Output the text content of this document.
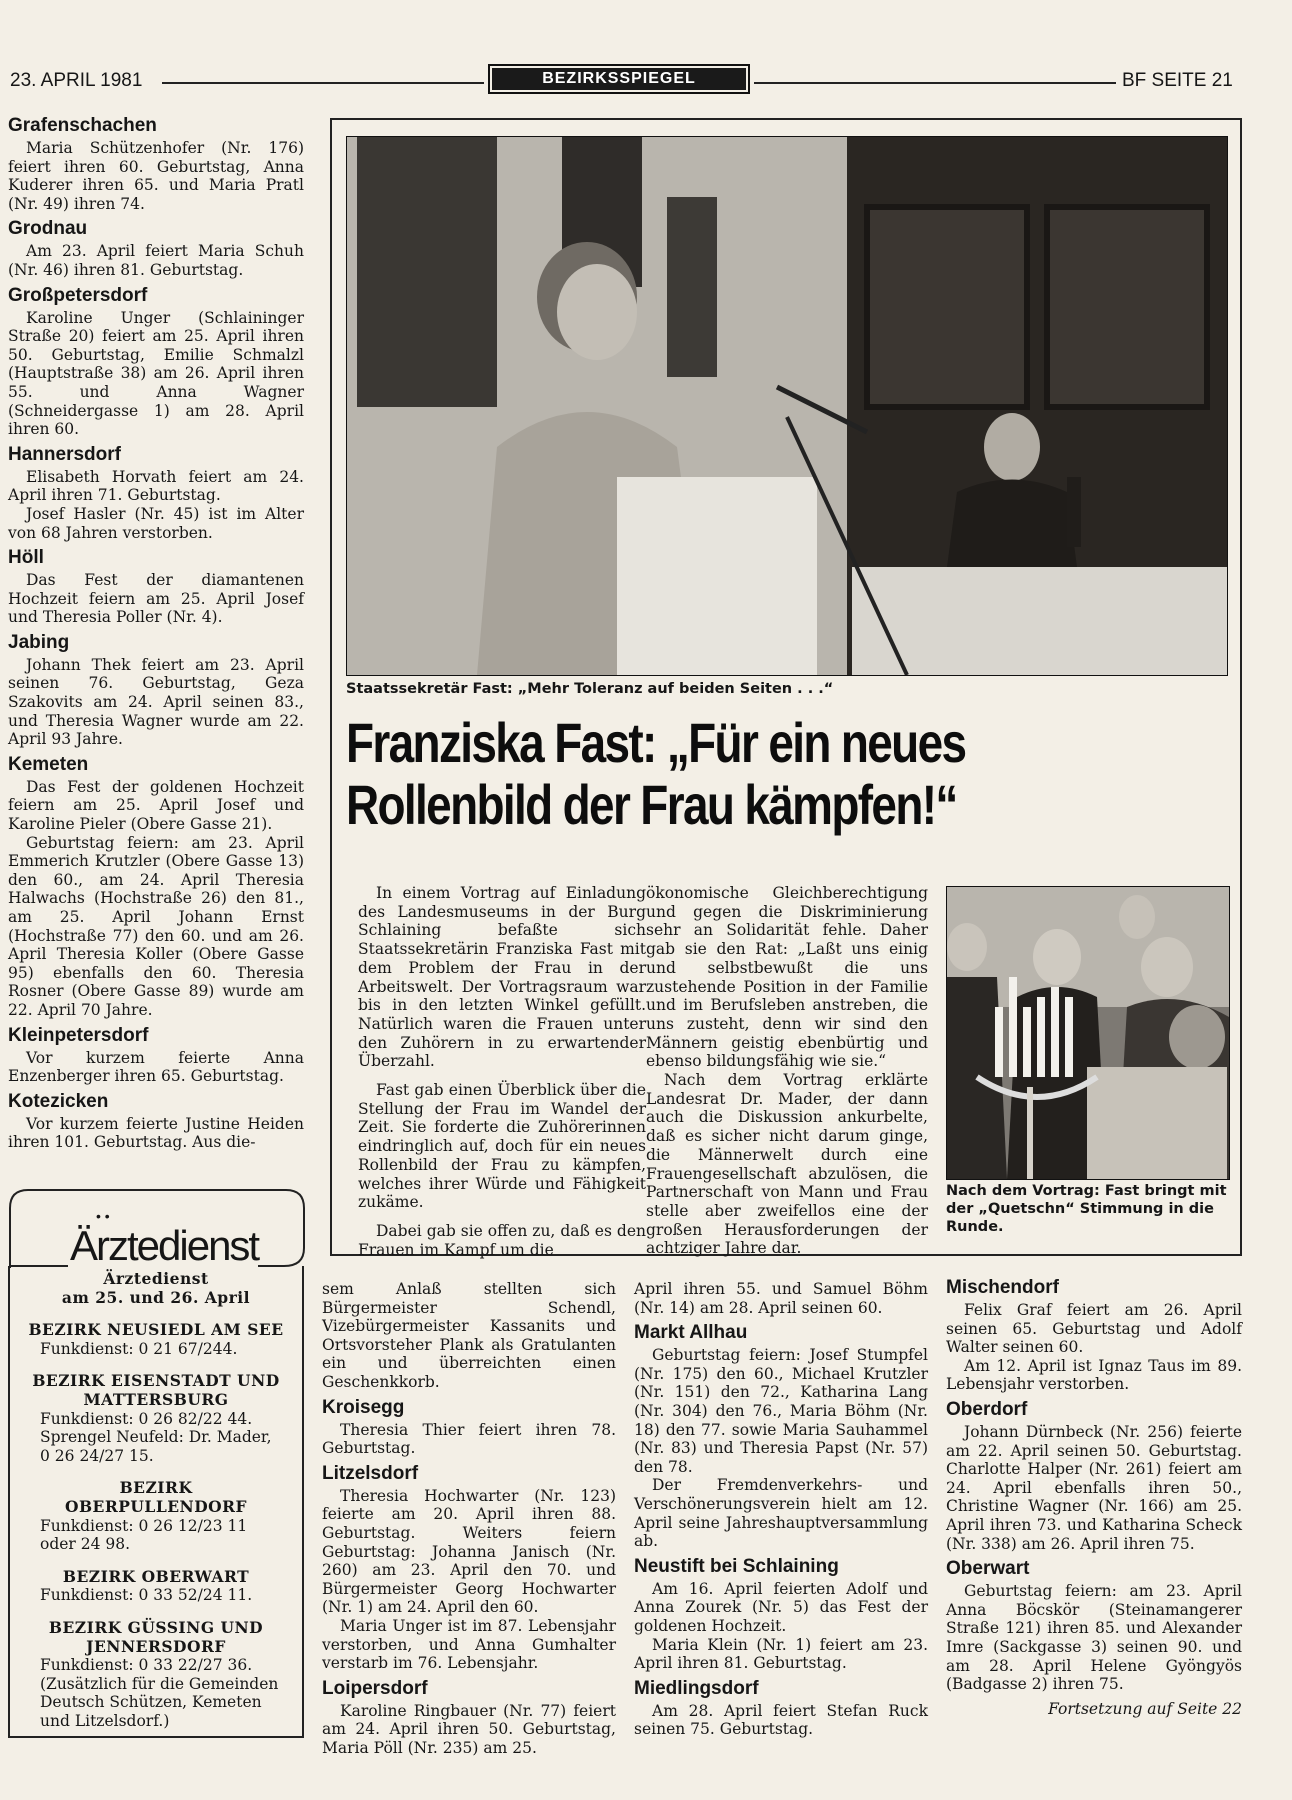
23. APRIL 1981	BEZIRKSSPIEGEL	BF SEITE 21
Grafenschachen

Maria Schützenhofer (Nr. 176) feiert ihren 60. Geburtstag, Anna Kuderer ihren 65. und Maria Pratl (Nr. 49) ihren 74.

Grodnau

Am 23. April feiert Maria Schuh (Nr. 46) ihren 81. Geburtstag.

Großpetersdorf

Karoline Unger (Schlaininger Straße 20) feiert am 25. April ihren 50. Geburtstag, Emilie Schmalzl (Hauptstraße 38) am 26. April ihren 55. und Anna Wagner (Schneidergasse 1) am 28. April ihren 60.

Hannersdorf

Elisabeth Horvath feiert am 24. April ihren 71. Geburtstag.

Josef Hasler (Nr. 45) ist im Alter von 68 Jahren verstorben.

Höll

Das Fest der diamantenen Hochzeit feiern am 25. April Josef und Theresia Poller (Nr. 4).

Jabing

Johann Thek feiert am 23. April seinen 76. Geburtstag, Geza Szakovits am 24. April seinen 83., und Theresia Wagner wurde am 22. April 93 Jahre.

Kemeten

Das Fest der goldenen Hochzeit feiern am 25. April Josef und Karoline Pieler (Obere Gasse 21).

Geburtstag feiern: am 23. April Emmerich Krutzler (Obere Gasse 13) den 60., am 24. April Theresia Halwachs (Hochstraße 26) den 81., am 25. April Johann Ernst (Hochstraße 77) den 60. und am 26. April Theresia Koller (Obere Gasse 95) ebenfalls den 60. Theresia Rosner (Obere Gasse 89) wurde am 22. April 70 Jahre.

Kleinpetersdorf

Vor kurzem feierte Anna Enzenberger ihren 65. Geburtstag.

Kotezicken

Vor kurzem feierte Justine Heiden ihren 101. Geburtstag. Aus die-

Staatssekretär Fast: „Mehr Toleranz auf beiden Seiten . . .“
Franziska Fast: „Für ein neues
Rollenbild der Frau kämpfen!“

In einem Vortrag auf Einladung des Landesmuseums in der Burg Schlaining befaßte sich Staatssekretärin Franziska Fast mit dem Problem der Frau in der Arbeitswelt. Der Vortragsraum war bis in den letzten Winkel gefüllt. Natürlich waren die Frauen unter den Zuhörern in zu erwartender Überzahl.

Fast gab einen Überblick über die Stellung der Frau im Wandel der Zeit. Sie forderte die Zuhörerinnen eindringlich auf, doch für ein neues Rollenbild der Frau zu kämpfen, welches ihrer Würde und Fähigkeit zukäme.

Dabei gab sie offen zu, daß es den Frauen im Kampf um die

ökonomische Gleichberechtigung und gegen die Diskriminierung sehr an Solidarität fehle. Daher gab sie den Rat: „Laßt uns einig und selbstbewußt die uns zustehende Position in der Familie und im Berufsleben anstreben, die uns zusteht, denn wir sind den Männern geistig ebenbürtig und ebenso bildungsfähig wie sie.“

Nach dem Vortrag erklärte Landesrat Dr. Mader, der dann auch die Diskussion ankurbelte, daß es sicher nicht darum ginge, die Männerwelt durch eine Frauengesellschaft abzulösen, die Partnerschaft von Mann und Frau stelle aber zweifellos eine der großen Herausforderungen der achtziger Jahre dar.

Nach dem Vortrag: Fast bringt mit der „Quetschn“ Stimmung in die Runde.
• •
Ärztedienst
Ärztedienst
am 25. und 26. April
BEZIRK NEUSIEDL AM SEE
Funkdienst: 0 21 67/244.
BEZIRK EISENSTADT UND MATTERSBURG
Funkdienst: 0 26 82/22 44.
Sprengel Neufeld: Dr. Mader, 0 26 24/27 15.
BEZIRK OBERPULLENDORF
Funkdienst: 0 26 12/23 11 oder 24 98.
BEZIRK OBERWART
Funkdienst: 0 33 52/24 11.
BEZIRK GÜSSING UND JENNERSDORF
Funkdienst: 0 33 22/27 36.
(Zusätzlich für die Gemeinden Deutsch Schützen, Kemeten und Litzelsdorf.)

sem Anlaß stellten sich Bürgermeister Schendl, Vizebürgermeister Kassanits und Ortsvorsteher Plank als Gratulanten ein und überreichten einen Geschenkkorb.

Kroisegg

Theresia Thier feiert ihren 78. Geburtstag.

Litzelsdorf

Theresia Hochwarter (Nr. 123) feierte am 20. April ihren 88. Geburtstag. Weiters feiern Geburtstag: Johanna Janisch (Nr. 260) am 23. April den 70. und Bürgermeister Georg Hochwarter (Nr. 1) am 24. April den 60.

Maria Unger ist im 87. Lebensjahr verstorben, und Anna Gumhalter verstarb im 76. Lebensjahr.

Loipersdorf

Karoline Ringbauer (Nr. 77) feiert am 24. April ihren 50. Geburtstag, Maria Pöll (Nr. 235) am 25.

April ihren 55. und Samuel Böhm (Nr. 14) am 28. April seinen 60.

Markt Allhau

Geburtstag feiern: Josef Stumpfel (Nr. 175) den 60., Michael Krutzler (Nr. 151) den 72., Katharina Lang (Nr. 304) den 76., Maria Böhm (Nr. 18) den 77. sowie Maria Sauhammel (Nr. 83) und Theresia Papst (Nr. 57) den 78.

Der Fremdenverkehrs- und Verschönerungsverein hielt am 12. April seine Jahreshauptversammlung ab.

Neustift bei Schlaining

Am 16. April feierten Adolf und Anna Zourek (Nr. 5) das Fest der goldenen Hochzeit.

Maria Klein (Nr. 1) feiert am 23. April ihren 81. Geburtstag.

Miedlingsdorf

Am 28. April feiert Stefan Ruck seinen 75. Geburtstag.

Mischendorf

Felix Graf feiert am 26. April seinen 65. Geburtstag und Adolf Walter seinen 60.

Am 12. April ist Ignaz Taus im 89. Lebensjahr verstorben.

Oberdorf

Johann Dürnbeck (Nr. 256) feierte am 22. April seinen 50. Geburtstag. Charlotte Halper (Nr. 261) feiert am 24. April ebenfalls ihren 50., Christine Wagner (Nr. 166) am 25. April ihren 73. und Katharina Scheck (Nr. 338) am 26. April ihren 75.

Oberwart

Geburtstag feiern: am 23. April Anna Böcskör (Steinamangerer Straße 121) ihren 85. und Alexander Imre (Sackgasse 3) seinen 90. und am 28. April Helene Gyöngyös (Badgasse 2) ihren 75.

Fortsetzung auf Seite 22
